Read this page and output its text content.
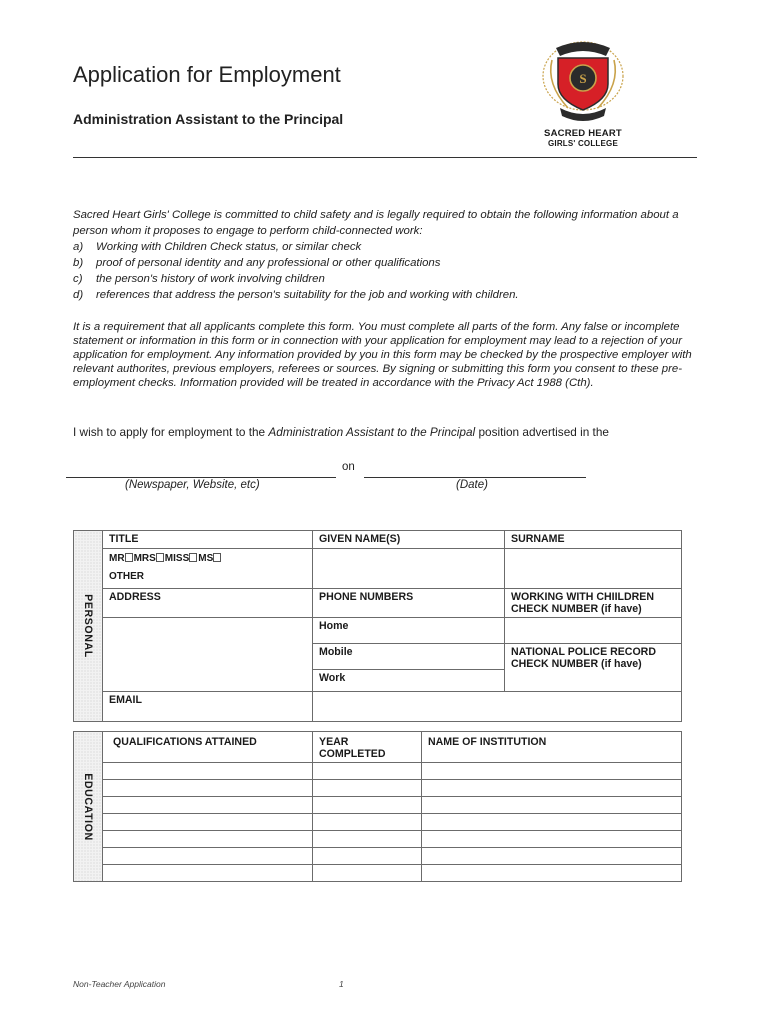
Application for Employment
Administration Assistant to the Principal
S
SACRED HEART
GIRLS' COLLEGE
Sacred Heart Girls' College is committed to child safety and is legally required to obtain the following information about a person whom it proposes to engage to perform child-connected work:
a)	Working with Children Check status, or similar check
b)	proof of personal identity and any professional or other qualifications
c)	the person's history of work involving children
d)	references that address the person's suitability for the job and working with children.
It is a requirement that all applicants complete this form. You must complete all parts of the form. Any false or incomplete statement or information in this form or in connection with your application for employment may lead to a rejection of your application for employment. Any information provided by you in this form may be checked by the prospective employer with relevant authorites, previous employers, referees or sources. By signing or submitting this form you consent to these pre-employment checks. Information provided will be treated in accordance with the Privacy Act 1988 (Cth).
I wish to apply for employment to the Administration Assistant to the Principal position advertised in the
on
(Newspaper, Website, etc)	(Date)
PERSONAL	TITLE	GIVEN NAME(S)	SURNAME
	MR MRS MISS MS
OTHER		
	ADDRESS	PHONE NUMBERS	WORKING WITH CHIILDREN CHECK NUMBER (if have)
		Home	
		Mobile	NATIONAL POLICE RECORD CHECK NUMBER (if have)
		Work	
	EMAIL		
EDUCATION	QUALIFICATIONS ATTAINED	YEAR COMPLETED	NAME OF INSTITUTION

Non-Teacher Application	1
